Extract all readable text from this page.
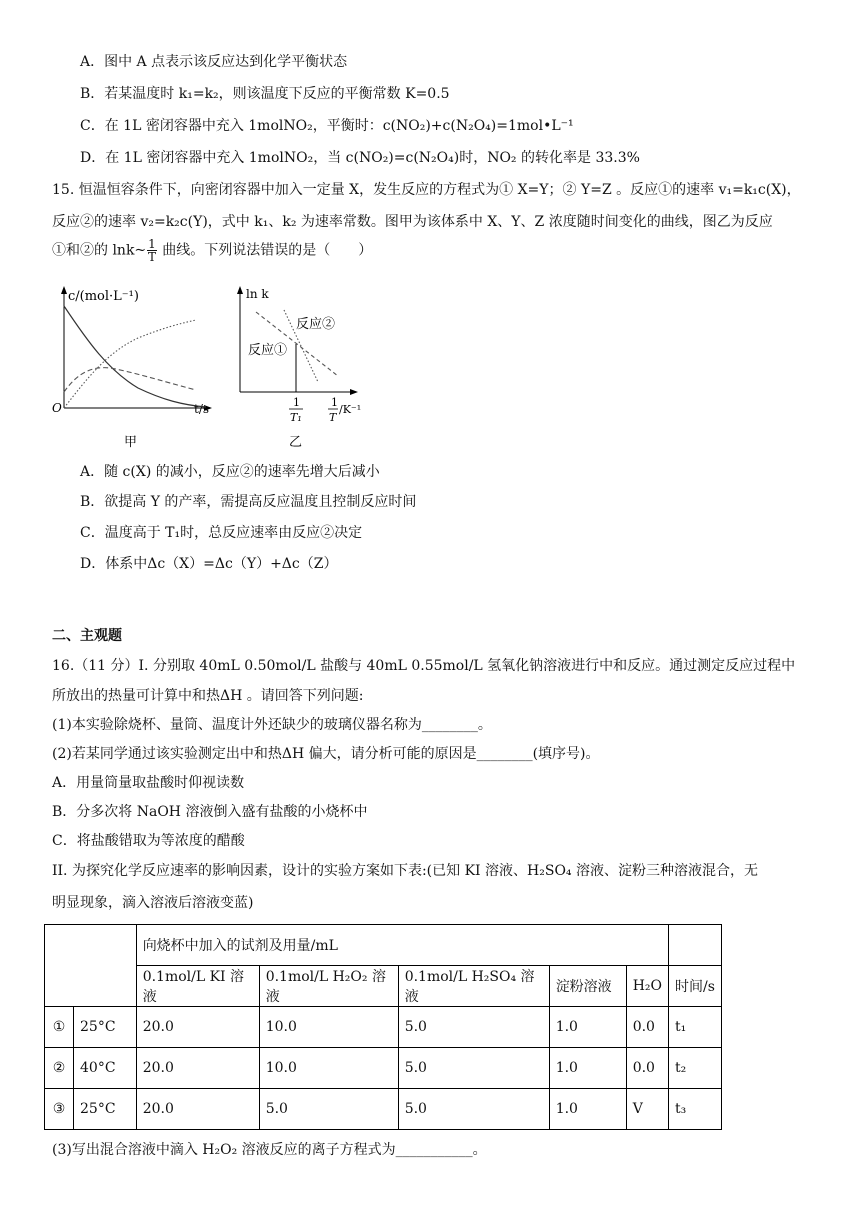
A．图中 A 点表示该反应达到化学平衡状态
B．若某温度时 k₁=k₂，则该温度下反应的平衡常数 K=0.5
C．在 1L 密闭容器中充入 1molNO₂，平衡时：c(NO₂)+c(N₂O₄)=1mol•L⁻¹
D．在 1L 密闭容器中充入 1molNO₂，当 c(NO₂)=c(N₂O₄)时，NO₂ 的转化率是 33.3%
15. 恒温恒容条件下，向密闭容器中加入一定量 X，发生反应的方程式为① X=Y；② Y=Z 。反应①的速率 v₁=k₁c(X)，
反应②的速率 v₂=k₂c(Y)，式中 k₁、k₂ 为速率常数。图甲为该体系中 X、Y、Z 浓度随时间变化的曲线，图乙为反应
①和②的 lnk~ $\frac{1}{T}$ 曲线。下列说法错误的是（　　）
c/(mol·L⁻¹)
O	t/s
甲
ln k
反应②
反应①
1
T₁
1
T
/K⁻¹
乙
A．随 c(X) 的减小，反应②的速率先增大后减小
B．欲提高 Y 的产率，需提高反应温度且控制反应时间
C．温度高于 T₁时，总反应速率由反应②决定
D．体系中Δc（X）=Δc（Y）+Δc（Z）
二、主观题
16.（11 分）I. 分别取 40mL 0.50mol/L 盐酸与 40mL 0.55mol/L 氢氧化钠溶液进行中和反应。通过测定反应过程中
所放出的热量可计算中和热ΔH 。请回答下列问题:
(1)本实验除烧杯、量筒、温度计外还缺少的玻璃仪器名称为________。
(2)若某同学通过该实验测定出中和热ΔH 偏大，请分析可能的原因是________(填序号)。
A．用量筒量取盐酸时仰视读数
B．分多次将 NaOH 溶液倒入盛有盐酸的小烧杯中
C．将盐酸错取为等浓度的醋酸
II. 为探究化学反应速率的影响因素，设计的实验方案如下表:(已知 KI 溶液、H₂SO₄ 溶液、淀粉三种溶液混合，无
明显现象，滴入溶液后溶液变蓝)
		向烧杯中加入的试剂及用量/mL					
		0.1mol/L KI 溶液	0.1mol/L H₂O₂ 溶液	0.1mol/L H₂SO₄ 溶液	淀粉溶液	H₂O	时间/s
①	25°C	20.0	10.0	5.0	1.0	0.0	t₁
②	40°C	20.0	10.0	5.0	1.0	0.0	t₂
③	25°C	20.0	5.0	5.0	1.0	V	t₃
(3)写出混合溶液中滴入 H₂O₂ 溶液反应的离子方程式为___________。
